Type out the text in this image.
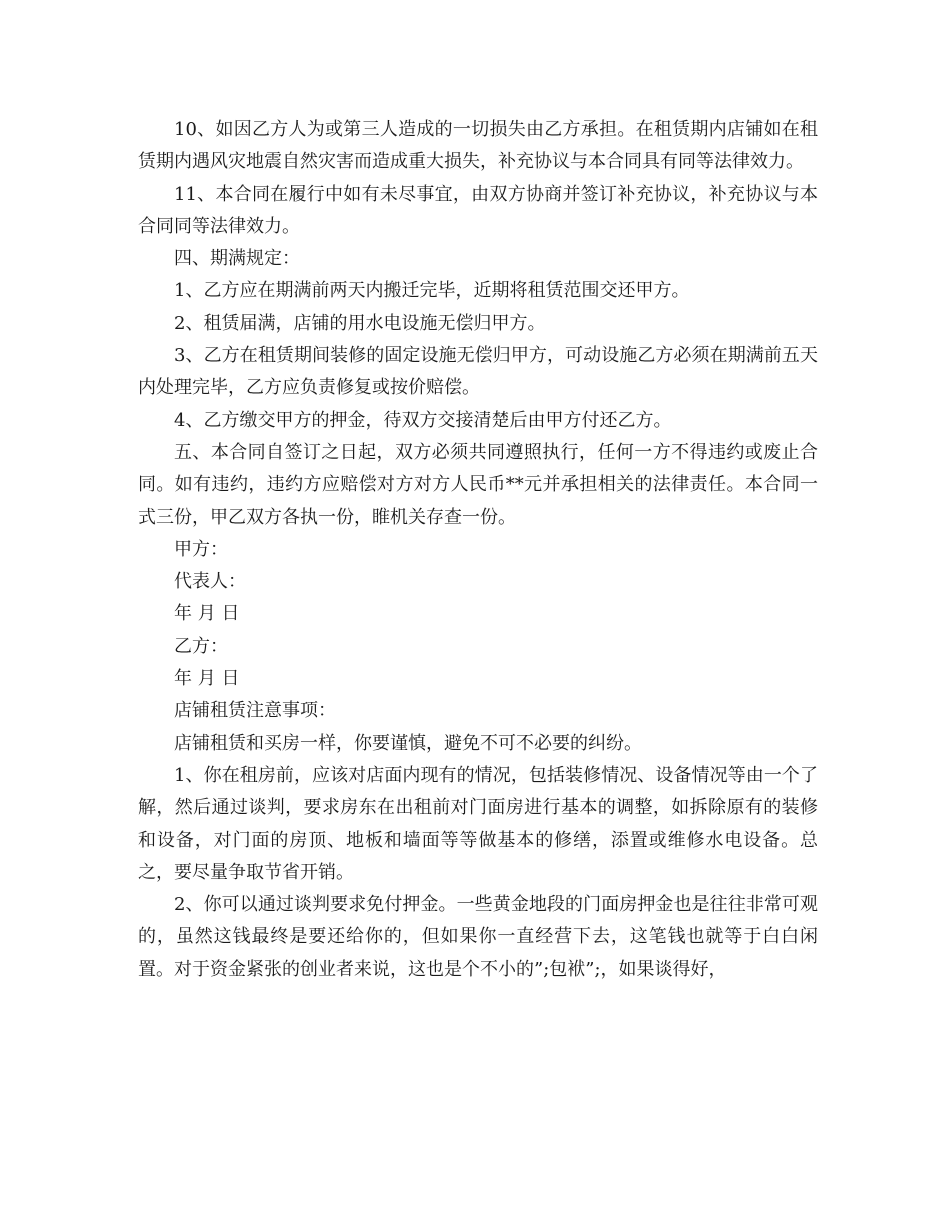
10、如因乙方人为或第三人造成的一切损失由乙方承担。在租赁期内店铺如在租赁期内遇风灾地震自然灾害而造成重大损失，补充协议与本合同具有同等法律效力。

11、本合同在履行中如有未尽事宜，由双方协商并签订补充协议，补充协议与本合同同等法律效力。

四、期满规定：

1、乙方应在期满前两天内搬迁完毕，近期将租赁范围交还甲方。

2、租赁届满，店铺的用水电设施无偿归甲方。

3、乙方在租赁期间装修的固定设施无偿归甲方，可动设施乙方必须在期满前五天内处理完毕，乙方应负责修复或按价赔偿。

4、乙方缴交甲方的押金，待双方交接清楚后由甲方付还乙方。

五、本合同自签订之日起，双方必须共同遵照执行，任何一方不得违约或废止合同。如有违约，违约方应赔偿对方对方人民币**元并承担相关的法律责任。本合同一式三份，甲乙双方各执一份，睢机关存查一份。

甲方：

代表人：

年 月 日

乙方：

年 月 日

店铺租赁注意事项：

店铺租赁和买房一样，你要谨慎，避免不可不必要的纠纷。

1、你在租房前，应该对店面内现有的情况，包括装修情况、设备情况等由一个了解，然后通过谈判，要求房东在出租前对门面房进行基本的调整，如拆除原有的装修和设备，对门面的房顶、地板和墙面等等做基本的修缮，添置或维修水电设备。总之，要尽量争取节省开销。

2、你可以通过谈判要求免付押金。一些黄金地段的门面房押金也是往往非常可观的，虽然这钱最终是要还给你的，但如果你一直经营下去，这笔钱也就等于白白闲置。对于资金紧张的创业者来说，这也是个不小的”;包袱”;，如果谈得好，
